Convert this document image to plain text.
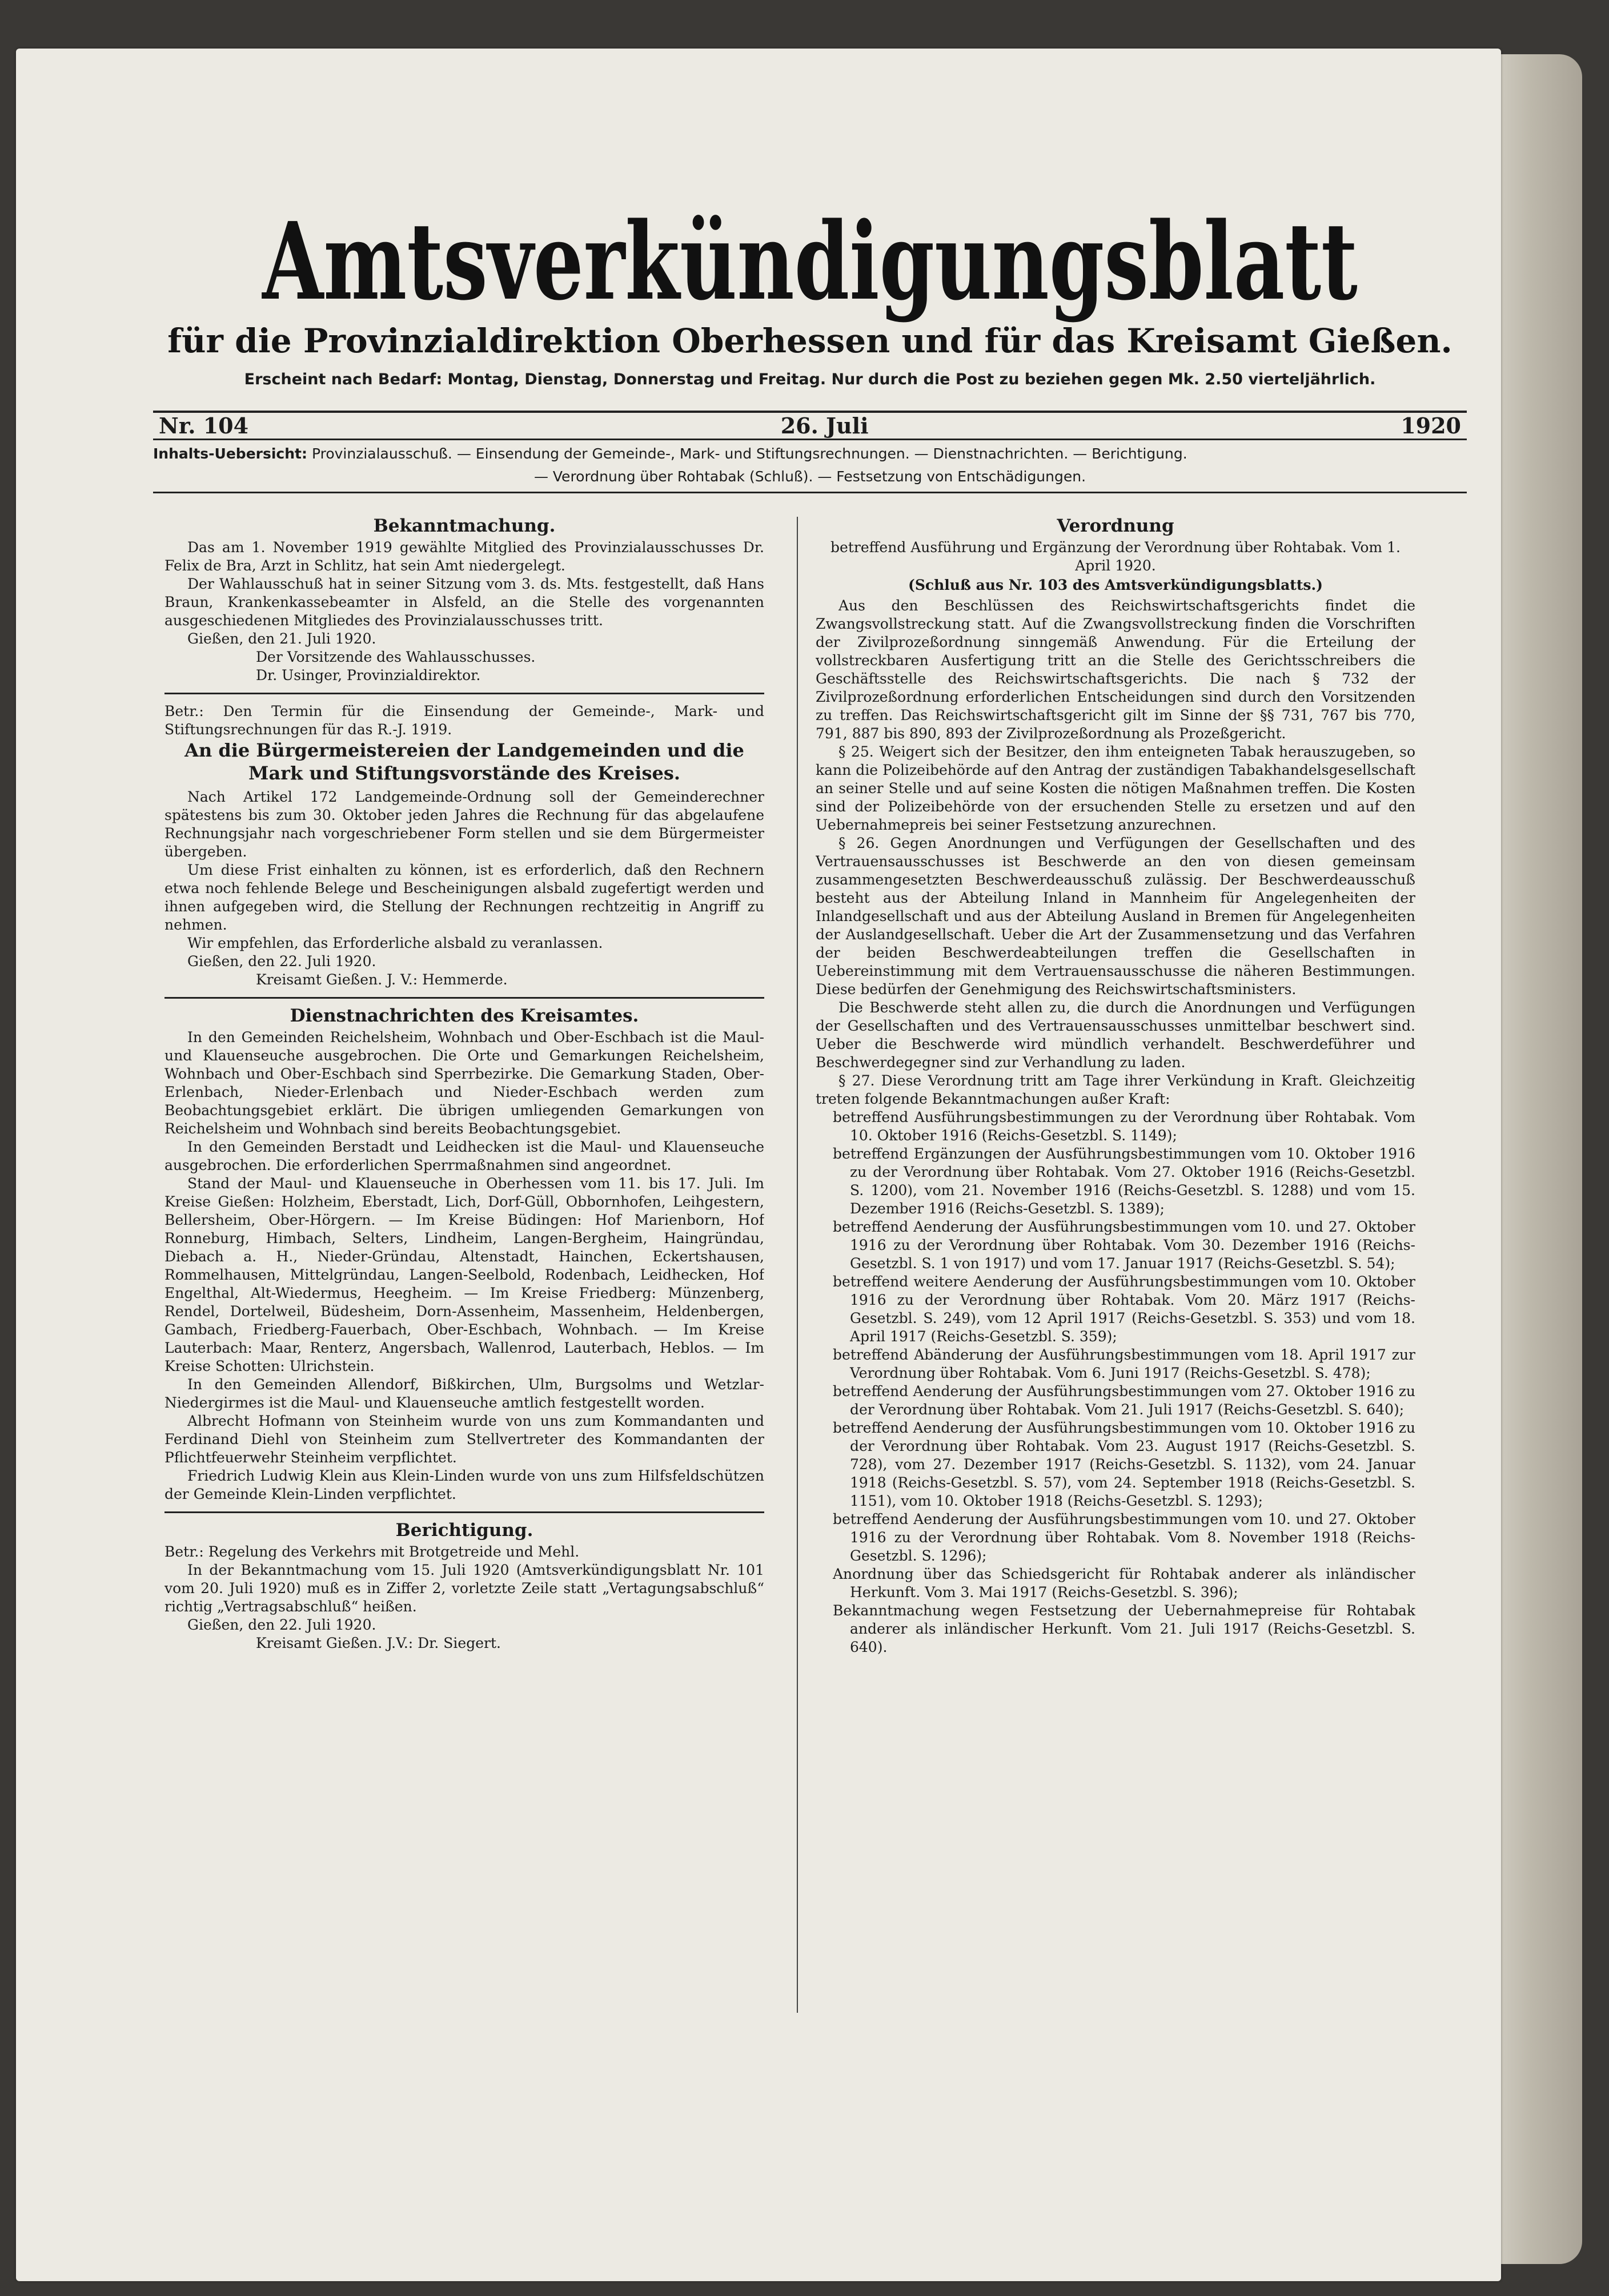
Amtsverkündigungsblatt
für die Provinzialdirektion Oberhessen und für das Kreisamt Gießen.
Erscheint nach Bedarf: Montag, Dienstag, Donnerstag und Freitag. Nur durch die Post zu beziehen gegen Mk. 2.50 vierteljährlich.
Nr. 104	26. Juli	1920
Inhalts-Uebersicht: Provinzialausschuß. — Einsendung der Gemeinde-, Mark- und Stiftungsrechnungen. — Dienstnachrichten. — Berichtigung.
— Verordnung über Rohtabak (Schluß). — Festsetzung von Entschädigungen.
Bekanntmachung.

Das am 1. November 1919 gewählte Mitglied des Provinzialausschusses Dr. Felix de Bra, Arzt in Schlitz, hat sein Amt niedergelegt.

Der Wahlausschuß hat in seiner Sitzung vom 3. ds. Mts. festgestellt, daß Hans Braun, Krankenkassebeamter in Alsfeld, an die Stelle des vorgenannten ausgeschiedenen Mitgliedes des Provinzialausschusses tritt.

Gießen, den 21. Juli 1920.

Der Vorsitzende des Wahlausschusses.

Dr. Usinger, Provinzialdirektor.

Betr.: Den Termin für die Einsendung der Gemeinde-, Mark- und Stiftungsrechnungen für das R.-J. 1919.

An die Bürgermeistereien der Landgemeinden und die Mark und Stiftungsvorstände des Kreises.

Nach Artikel 172 Landgemeinde-Ordnung soll der Gemeinderechner spätestens bis zum 30. Oktober jeden Jahres die Rechnung für das abgelaufene Rechnungsjahr nach vorgeschriebener Form stellen und sie dem Bürgermeister übergeben.

Um diese Frist einhalten zu können, ist es erforderlich, daß den Rechnern etwa noch fehlende Belege und Bescheinigungen alsbald zugefertigt werden und ihnen aufgegeben wird, die Stellung der Rechnungen rechtzeitig in Angriff zu nehmen.

Wir empfehlen, das Erforderliche alsbald zu veranlassen.

Gießen, den 22. Juli 1920.

Kreisamt Gießen. J. V.: Hemmerde.

Dienstnachrichten des Kreisamtes.

In den Gemeinden Reichelsheim, Wohnbach und Ober-Eschbach ist die Maul- und Klauenseuche ausgebrochen. Die Orte und Gemarkungen Reichelsheim, Wohnbach und Ober-Eschbach sind Sperrbezirke. Die Gemarkung Staden, Ober-Erlenbach, Nieder-Erlenbach und Nieder-Eschbach werden zum Beobachtungsgebiet erklärt. Die übrigen umliegenden Gemarkungen von Reichelsheim und Wohnbach sind bereits Beobachtungsgebiet.

In den Gemeinden Berstadt und Leidhecken ist die Maul- und Klauenseuche ausgebrochen. Die erforderlichen Sperrmaßnahmen sind angeordnet.

Stand der Maul- und Klauenseuche in Oberhessen vom 11. bis 17. Juli. Im Kreise Gießen: Holzheim, Eberstadt, Lich, Dorf-Güll, Obbornhofen, Leihgestern, Bellersheim, Ober-Hörgern. — Im Kreise Büdingen: Hof Marienborn, Hof Ronneburg, Himbach, Selters, Lindheim, Langen-Bergheim, Haingründau, Diebach a. H., Nieder-Gründau, Altenstadt, Hainchen, Eckertshausen, Rommelhausen, Mittelgründau, Langen-Seelbold, Rodenbach, Leidhecken, Hof Engelthal, Alt-Wiedermus, Heegheim. — Im Kreise Friedberg: Münzenberg, Rendel, Dortelweil, Büdesheim, Dorn-Assenheim, Massenheim, Heldenbergen, Gambach, Friedberg-Fauerbach, Ober-Eschbach, Wohnbach. — Im Kreise Lauterbach: Maar, Renterz, Angersbach, Wallenrod, Lauterbach, Heblos. — Im Kreise Schotten: Ulrichstein.

In den Gemeinden Allendorf, Bißkirchen, Ulm, Burgsolms und Wetzlar-Niedergirmes ist die Maul- und Klauenseuche amtlich festgestellt worden.

Albrecht Hofmann von Steinheim wurde von uns zum Kommandanten und Ferdinand Diehl von Steinheim zum Stellvertreter des Kommandanten der Pflichtfeuerwehr Steinheim verpflichtet.

Friedrich Ludwig Klein aus Klein-Linden wurde von uns zum Hilfsfeldschützen der Gemeinde Klein-Linden verpflichtet.

Berichtigung.

Betr.: Regelung des Verkehrs mit Brotgetreide und Mehl.

In der Bekanntmachung vom 15. Juli 1920 (Amtsverkündigungsblatt Nr. 101 vom 20. Juli 1920) muß es in Ziffer 2, vorletzte Zeile statt „Vertagungsabschluß“ richtig „Vertragsabschluß“ heißen.

Gießen, den 22. Juli 1920.

Kreisamt Gießen. J.V.: Dr. Siegert.

Verordnung

betreffend Ausführung und Ergänzung der Verordnung über Rohtabak. Vom 1. April 1920.

(Schluß aus Nr. 103 des Amtsverkündigungsblatts.)

Aus den Beschlüssen des Reichswirtschaftsgerichts findet die Zwangsvollstreckung statt. Auf die Zwangsvollstreckung finden die Vorschriften der Zivilprozeßordnung sinngemäß Anwendung. Für die Erteilung der vollstreckbaren Ausfertigung tritt an die Stelle des Gerichtsschreibers die Geschäftsstelle des Reichswirtschaftsgerichts. Die nach § 732 der Zivilprozeßordnung erforderlichen Entscheidungen sind durch den Vorsitzenden zu treffen. Das Reichswirtschaftsgericht gilt im Sinne der §§ 731, 767 bis 770, 791, 887 bis 890, 893 der Zivilprozeßordnung als Prozeßgericht.

§ 25. Weigert sich der Besitzer, den ihm enteigneten Tabak herauszugeben, so kann die Polizeibehörde auf den Antrag der zuständigen Tabakhandelsgesellschaft an seiner Stelle und auf seine Kosten die nötigen Maßnahmen treffen. Die Kosten sind der Polizeibehörde von der ersuchenden Stelle zu ersetzen und auf den Uebernahmepreis bei seiner Festsetzung anzurechnen.

§ 26. Gegen Anordnungen und Verfügungen der Gesellschaften und des Vertrauensausschusses ist Beschwerde an den von diesen gemeinsam zusammengesetzten Beschwerdeausschuß zulässig. Der Beschwerdeausschuß besteht aus der Abteilung Inland in Mannheim für Angelegenheiten der Inlandgesellschaft und aus der Abteilung Ausland in Bremen für Angelegenheiten der Auslandgesellschaft. Ueber die Art der Zusammensetzung und das Verfahren der beiden Beschwerdeabteilungen treffen die Gesellschaften in Uebereinstimmung mit dem Vertrauensausschusse die näheren Bestimmungen. Diese bedürfen der Genehmigung des Reichswirtschaftsministers.

Die Beschwerde steht allen zu, die durch die Anordnungen und Verfügungen der Gesellschaften und des Vertrauensausschusses unmittelbar beschwert sind. Ueber die Beschwerde wird mündlich verhandelt. Beschwerdeführer und Beschwerdegegner sind zur Verhandlung zu laden.

§ 27. Diese Verordnung tritt am Tage ihrer Verkündung in Kraft. Gleichzeitig treten folgende Bekanntmachungen außer Kraft:

betreffend Ausführungsbestimmungen zu der Verordnung über Rohtabak. Vom 10. Oktober 1916 (Reichs-Gesetzbl. S. 1149);

betreffend Ergänzungen der Ausführungsbestimmungen vom 10. Oktober 1916 zu der Verordnung über Rohtabak. Vom 27. Oktober 1916 (Reichs-Gesetzbl. S. 1200), vom 21. November 1916 (Reichs-Gesetzbl. S. 1288) und vom 15. Dezember 1916 (Reichs-Gesetzbl. S. 1389);

betreffend Aenderung der Ausführungsbestimmungen vom 10. und 27. Oktober 1916 zu der Verordnung über Rohtabak. Vom 30. Dezember 1916 (Reichs-Gesetzbl. S. 1 von 1917) und vom 17. Januar 1917 (Reichs-Gesetzbl. S. 54);

betreffend weitere Aenderung der Ausführungsbestimmungen vom 10. Oktober 1916 zu der Verordnung über Rohtabak. Vom 20. März 1917 (Reichs-Gesetzbl. S. 249), vom 12 April 1917 (Reichs-Gesetzbl. S. 353) und vom 18. April 1917 (Reichs-Gesetzbl. S. 359);

betreffend Abänderung der Ausführungsbestimmungen vom 18. April 1917 zur Verordnung über Rohtabak. Vom 6. Juni 1917 (Reichs-Gesetzbl. S. 478);

betreffend Aenderung der Ausführungsbestimmungen vom 27. Oktober 1916 zu der Verordnung über Rohtabak. Vom 21. Juli 1917 (Reichs-Gesetzbl. S. 640);

betreffend Aenderung der Ausführungsbestimmungen vom 10. Oktober 1916 zu der Verordnung über Rohtabak. Vom 23. August 1917 (Reichs-Gesetzbl. S. 728), vom 27. Dezember 1917 (Reichs-Gesetzbl. S. 1132), vom 24. Januar 1918 (Reichs-Gesetzbl. S. 57), vom 24. September 1918 (Reichs-Gesetzbl. S. 1151), vom 10. Oktober 1918 (Reichs-Gesetzbl. S. 1293);

betreffend Aenderung der Ausführungsbestimmungen vom 10. und 27. Oktober 1916 zu der Verordnung über Rohtabak. Vom 8. November 1918 (Reichs-Gesetzbl. S. 1296);

Anordnung über das Schiedsgericht für Rohtabak anderer als inländischer Herkunft. Vom 3. Mai 1917 (Reichs-Gesetzbl. S. 396);

Bekanntmachung wegen Festsetzung der Uebernahmepreise für Rohtabak anderer als inländischer Herkunft. Vom 21. Juli 1917 (Reichs-Gesetzbl. S. 640).
